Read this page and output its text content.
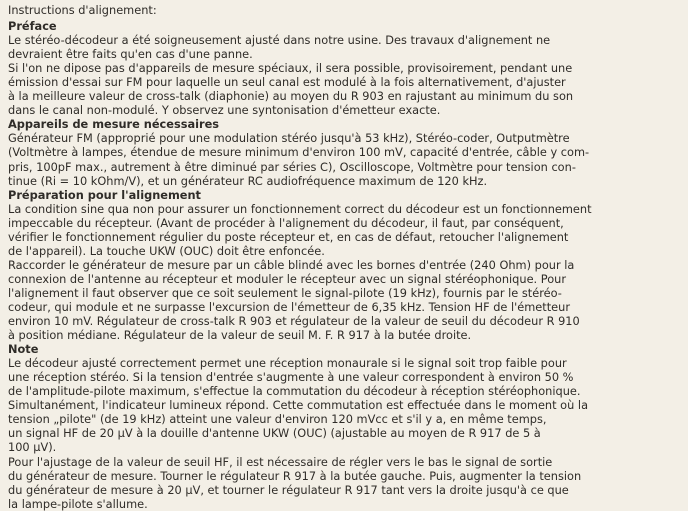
Instructions d'alignement:
Préface
Le stéréo-décodeur a été soigneusement ajusté dans notre usine. Des travaux d'alignement ne
devraient être faits qu'en cas d'une panne.
Si l'on ne dipose pas d'appareils de mesure spéciaux, il sera possible, provisoirement, pendant une
émission d'essai sur FM pour laquelle un seul canal est modulé à la fois alternativement, d'ajuster
à la meilleure valeur de cross-talk (diaphonie) au moyen du R 903 en rajustant au minimum du son
dans le canal non-modulé. Y observez une syntonisation d'émetteur exacte.
Appareils de mesure nécessaires
Générateur FM (approprié pour une modulation stéréo jusqu'à 53 kHz), Stéréo-coder, Outputmètre
(Voltmètre à lampes, étendue de mesure minimum d'environ 100 mV, capacité d'entrée, câble y com-
pris, 100pF max., autrement à être diminué par séries C), Oscilloscope, Voltmètre pour tension con-
tinue (Ri = 10 kOhm/V), et un générateur RC audiofréquence maximum de 120 kHz.
Préparation pour l'alignement
La condition sine qua non pour assurer un fonctionnement correct du décodeur est un fonctionnement
impeccable du récepteur. (Avant de procéder à l'alignement du décodeur, il faut, par conséquent,
vérifier le fonctionnement régulier du poste récepteur et, en cas de défaut, retoucher l'alignement
de l'appareil). La touche UKW (OUC) doit être enfoncée.
Raccorder le générateur de mesure par un câble blindé avec les bornes d'entrée (240 Ohm) pour la
connexion de l'antenne au récepteur et moduler le récepteur avec un signal stéréophonique. Pour
l'alignement il faut observer que ce soit seulement le signal-pilote (19 kHz), fournis par le stéréo-
codeur, qui module et ne surpasse l'excursion de l'émetteur de 6,35 kHz. Tension HF de l'émetteur
environ 10 mV. Régulateur de cross-talk R 903 et régulateur de la valeur de seuil du décodeur R 910
à position médiane. Régulateur de la valeur de seuil M. F. R 917 à la butée droite.
Note
Le décodeur ajusté correctement permet une réception monaurale si le signal soit trop faible pour
une réception stéréo. Si la tension d'entrée s'augmente à une valeur correspondent à environ 50 %
de l'amplitude-pilote maximum, s'effectue la commutation du décodeur à réception stéréophonique.
Simultanément, l'indicateur lumineux répond. Cette commutation est effectuée dans le moment où la
tension „pilote" (de 19 kHz) atteint une valeur d'environ 120 mVcc et s'il y a, en même temps,
un signal HF de 20 µV à la douille d'antenne UKW (OUC) (ajustable au moyen de R 917 de 5 à
100 µV).
Pour l'ajustage de la valeur de seuil HF, il est nécessaire de régler vers le bas le signal de sortie
du générateur de mesure. Tourner le régulateur R 917 à la butée gauche. Puis, augmenter la tension
du générateur de mesure à 20 µV, et tourner le régulateur R 917 tant vers la droite jusqu'à ce que
la lampe-pilote s'allume.
